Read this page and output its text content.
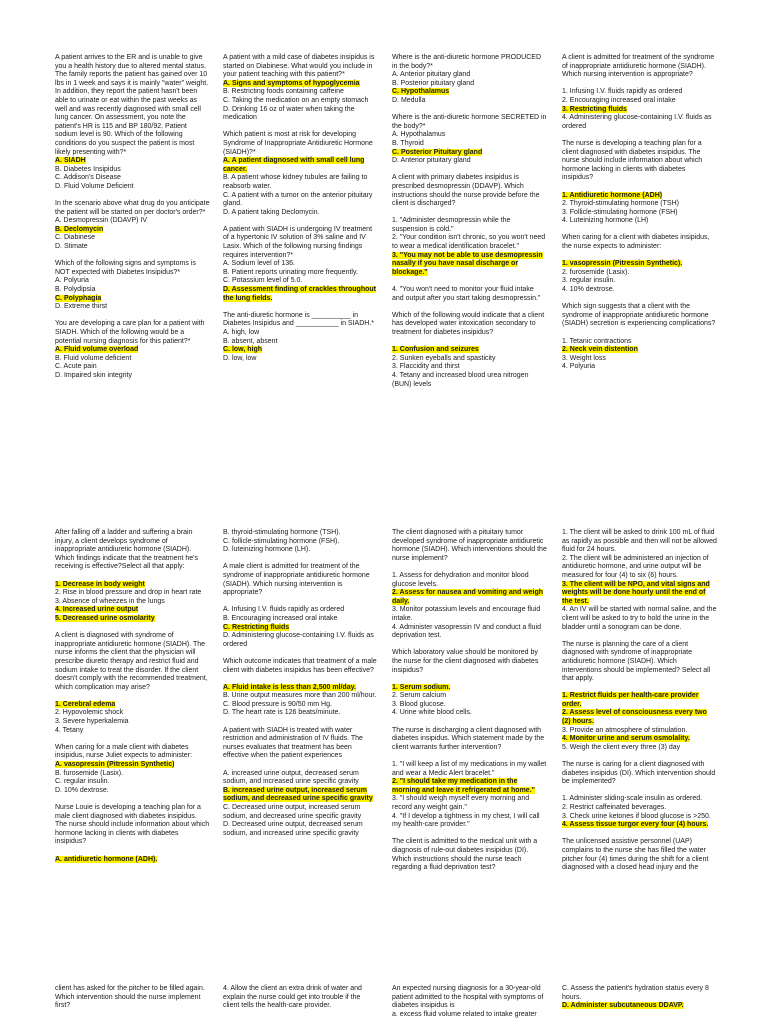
A patient arrives to the ER and is unable to give you a health history due to altered mental status. The family reports the patient has gained over 10 lbs in 1 week and says it is mainly "water" weight. In addition, they report the patient hasn't been able to urinate or eat within the past weeks as well and was recently diagnosed with small cell lung cancer. On assessment, you note the patient's HR is 115 and BP 180/92. Patient sodium level is 90. Which of the following conditions do you suspect the patient is most likely presenting with?*

A. SIADH

B. Diabetes Insipidus

C. Addison's Disease

D. Fluid Volume Deficient

In the scenario above what drug do you anticipate the patient will be started on per doctor's order?*

A. Desmopressin (DDAVP) IV

B. Declomycin

C. Diabinese

D. Stimate

Which of the following signs and symptoms is NOT expected with Diabetes Insipidus?*

A. Polyuria

B. Polydipsia

C. Polyphagia

D. Extreme thirst

You are developing a care plan for a patient with SIADH. Which of the following would be a potential nursing diagnosis for this patient?*

A. Fluid volume overload

B. Fluid volume deficient

C. Acute pain

D. Impaired skin integrity

A patient with a mild case of diabetes insipidus is started on Diabinese. What would you include in your patient teaching with this patient?*

A. Signs and symptoms of hypoglycemia

B. Restricting foods containing caffeine

C. Taking the medication on an empty stomach

D. Drinking 16 oz of water when taking the medication

Which patient is most at risk for developing Syndrome of Inappropriate Antidiuretic Hormone (SIADH)?*

A. A patient diagnosed with small cell lung cancer.

B. A patient whose kidney tubules are failing to reabsorb water.

C. A patient with a tumor on the anterior pituitary gland.

D. A patient taking Declomycin.

A patient with SIADH is undergoing IV treatment of a hypertonic IV solution of 3% saline and IV Lasix. Which of the following nursing findings requires intervention?*

A. Sodium level of 136.

B. Patient reports urinating more frequently.

C. Potassium level of 5.0.

D. Assessment finding of crackles throughout the lung fields.

The anti-diuretic hormone is __________ in Diabetes Insipidus and ___________ in SIADH.*

A. high, low

B. absent, absent

C. low, high

D. low, low

Where is the anti-diuretic hormone PRODUCED in the body?*

A. Anterior pituitary gland

B. Posterior pituitary gland

C. Hypothalamus

D. Medulla

Where is the anti-diuretic hormone SECRETED in the body?*

A. Hypothalamus

B. Thyroid

C. Posterior Pituitary gland

D. Anterior pituitary gland

A client with primary diabetes insipidus is prescribed desmopressin (DDAVP). Which instructions should the nurse provide before the client is discharged?

1. "Administer desmopressin while the suspension is cold."

2. "Your condition isn't chronic, so you won't need to wear a medical identification bracelet."

3. "You may not be able to use desmopressin nasally if you have nasal discharge or blockage."

4. "You won't need to monitor your fluid intake and output after you start taking desmopressin."

Which of the following would indicate that a client has developed water intoxication secondary to treatment for diabetes insipidus?

1. Confusion and seizures

2. Sunken eyeballs and spasticity

3. Flaccidity and thirst

4. Tetany and increased blood urea nitrogen (BUN) levels

A client is admitted for treatment of the syndrome of inappropriate antidiuretic hormone (SIADH). Which nursing intervention is appropriate?

1. Infusing I.V. fluids rapidly as ordered

2. Encouraging increased oral intake

3. Restricting fluids

4. Administering glucose-containing I.V. fluids as ordered

The nurse is developing a teaching plan for a client diagnosed with diabetes insipidus. The nurse should include information about which hormone lacking in clients with diabetes insipidus?

1. Antidiuretic hormone (ADH)

2. Thyroid-stimulating hormone (TSH)

3. Follicle-stimulating hormone (FSH)

4. Luteinizing hormone (LH)

When caring for a client with diabetes insipidus, the nurse expects to administer:

1. vasopressin (Pitressin Synthetic).

2. furosemide (Lasix).

3. regular insulin.

4. 10% dextrose.

Which sign suggests that a client with the syndrome of inappropriate antidiuretic hormone (SIADH) secretion is experiencing complications?

1. Tetanic contractions

2. Neck vein distention

3. Weight loss

4. Polyuria

After falling off a ladder and suffering a brain injury, a client develops syndrome of inappropriate antidiuretic hormone (SIADH). Which findings indicate that the treatment he's receiving is effective?Select all that apply:

1. Decrease in body weight

2. Rise in blood pressure and drop in heart rate

3. Absence of wheezes in the lungs

4. Increased urine output

5. Decreased urine osmolarity

A client is diagnosed with syndrome of inappropriate antidiuretic hormone (SIADH). The nurse informs the client that the physician will prescribe diuretic therapy and restrict fluid and sodium intake to treat the disorder. If the client doesn't comply with the recommended treatment, which complication may arise?

1. Cerebral edema

2. Hypovolemic shock

3. Severe hyperkalemia

4. Tetany

When caring for a male client with diabetes insipidus, nurse Juliet expects to administer:

A. vasopressin (Pitressin Synthetic)

B. furosemide (Lasix).

C. regular insulin.

D. 10% dextrose.

Nurse Louie is developing a teaching plan for a male client diagnosed with diabetes insipidus. The nurse should include information about which hormone lacking in clients with diabetes insipidus?

A. antidiuretic hormone (ADH).

B. thyroid-stimulating hormone (TSH).

C. follicle-stimulating hormone (FSH).

D. luteinizing hormone (LH).

A male client is admitted for treatment of the syndrome of inappropriate antidiuretic hormone (SIADH). Which nursing intervention is appropriate?

A. Infusing I.V. fluids rapidly as ordered

B. Encouraging increased oral intake

C. Restricting fluids

D. Administering glucose-containing I.V. fluids as ordered

Which outcome indicates that treatment of a male client with diabetes insipidus has been effective?

A. Fluid intake is less than 2,500 ml/day.

B. Urine output measures more than 200 ml/hour.

C. Blood pressure is 90/50 mm Hg.

D. The heart rate is 126 beats/minute.

A patient with SIADH is treated with water restriction and administration of IV fluids. The nurses evaluates that treatment has been effective when the patient experiences

A. increased urine output, decreased serum sodium, and increased urine specific gravity

B. increased urine output, increased serum sodium, and decreased urine specific gravity

C. Decreased urine output, increased serum sodium, and decreased urine specific gravity

D. Decreased urine output, decreased serum sodium, and increased urine specific gravity

The client diagnosed with a pituitary tumor developed syndrome of inappropriate antidiuretic hormone (SIADH). Which interventions should the nurse implement?

1. Assess for dehydration and monitor blood glucose levels.

2. Assess for nausea and vomiting and weigh daily.

3. Monitor potassium levels and encourage fluid intake.

4. Administer vasopressin IV and conduct a fluid deprivation test.

Which laboratory value should be monitored by the nurse for the client diagnosed with diabetes insipidus?

1. Serum sodium.

2. Serum calcium

3. Blood glucose.

4. Urine white blood cells.

The nurse is discharging a client diagnosed with diabetes insipidus. Which statement made by the client warrants further intervention?

1. "I will keep a list of my medications in my wallet and wear a Medic Alert bracelet."

2. "I should take my medication in the morning and leave it refrigerated at home."

3. "I should weigh myself every morning and record any weight gain."

4. "If I develop a tightness in my chest, I will call my health-care provider."

The client is admitted to the medical unit with a diagnosis of rule-out diabetes insipidus (DI). Which instructions should the nurse teach regarding a fluid deprivation test?

1. The client will be asked to drink 100 mL of fluid as rapidly as possible and then will not be allowed fluid for 24 hours.

2. The client will be administered an injection of antidiuretic hormone, and urine output will be measured for four (4) to six (6) hours.

3. The client will be NPO, and vital signs and weights will be done hourly until the end of the test.

4. An IV will be started with normal saline, and the client will be asked to try to hold the urine in the bladder until a sonogram can be done.

The nurse is planning the care of a client diagnosed with syndrome of inappropriate antidiuretic hormone (SIADH). Which interventions should be implemented? Select all that apply.

1. Restrict fluids per health-care provider order.

2. Assess level of consciousness every two (2) hours.

3. Provide an atmosphere of stimulation.

4. Monitor urine and serum osmolality.

5. Weigh the client every three (3) day

The nurse is caring for a client diagnosed with diabetes insipidus (DI). Which intervention should be implemented?

1. Administer sliding-scale insulin as ordered.

2. Restrict caffeinated beverages.

3. Check urine ketones if blood glucose is >250.

4. Assess tissue turgor every four (4) hours.

The unlicensed assistive personnel (UAP) complains to the nurse she has filled the water pitcher four (4) times during the shift for a client diagnosed with a closed head injury and the

client has asked for the pitcher to be filled again. Which intervention should the nurse implement first?

4. Allow the client an extra drink of water and explain the nurse could get into trouble if the client tells the health-care provider.

An expected nursing diagnosis for a 30-year-old patient admitted to the hospital with symptoms of diabetes insipidus is

a. excess fluid volume related to intake greater

C. Assess the patient's hydration status every 8 hours.

D. Administer subcutaneous DDAVP.
